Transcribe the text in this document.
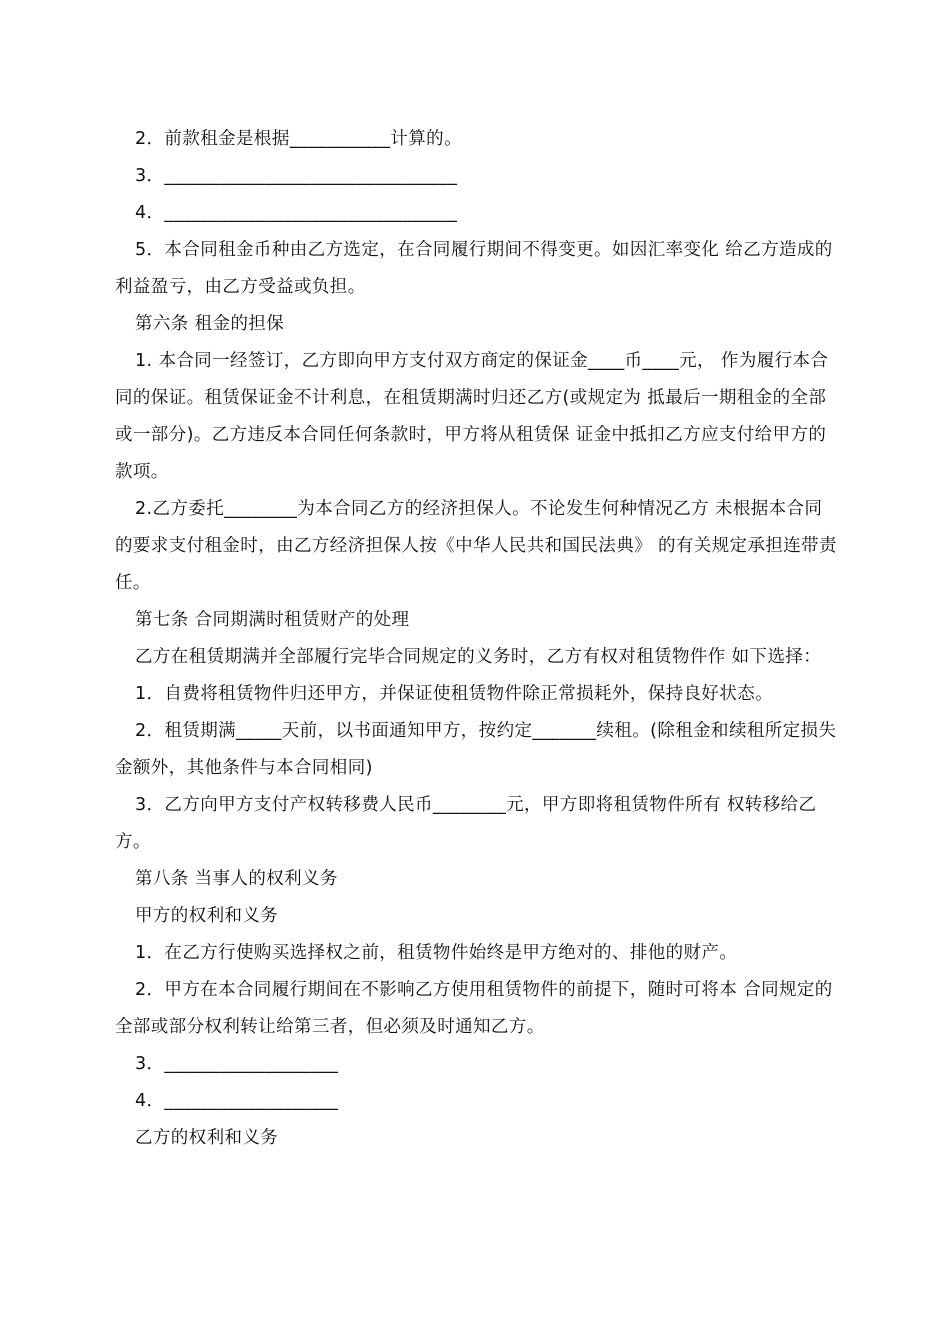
2．前款租金是根据___________计算的。

3．________________________________

4．________________________________

5．本合同租金币种由乙方选定，在合同履行期间不得变更。如因汇率变化 给乙方造成的利益盈亏，由乙方受益或负担。

第六条 租金的担保

1. 本合同一经签订，乙方即向甲方支付双方商定的保证金____币____元， 作为履行本合同的保证。租赁保证金不计利息，在租赁期满时归还乙方(或规定为 抵最后一期租金的全部或一部分)。乙方违反本合同任何条款时，甲方将从租赁保 证金中抵扣乙方应支付给甲方的款项。

2.乙方委托________为本合同乙方的经济担保人。不论发生何种情况乙方 未根据本合同的要求支付租金时，由乙方经济担保人按《中华人民共和国民法典》 的有关规定承担连带责任。

第七条 合同期满时租赁财产的处理

乙方在租赁期满并全部履行完毕合同规定的义务时，乙方有权对租赁物件作 如下选择：

1．自费将租赁物件归还甲方，并保证使租赁物件除正常损耗外，保持良好状态。

2．租赁期满_____天前，以书面通知甲方，按约定_______续租。(除租金和续租所定损失金额外，其他条件与本合同相同)

3．乙方向甲方支付产权转移费人民币________元，甲方即将租赁物件所有 权转移给乙方。

第八条 当事人的权利义务

甲方的权利和义务

1．在乙方行使购买选择权之前，租赁物件始终是甲方绝对的、排他的财产。

2．甲方在本合同履行期间在不影响乙方使用租赁物件的前提下，随时可将本 合同规定的全部或部分权利转让给第三者，但必须及时通知乙方。

3．___________________

4．___________________

乙方的权利和义务
